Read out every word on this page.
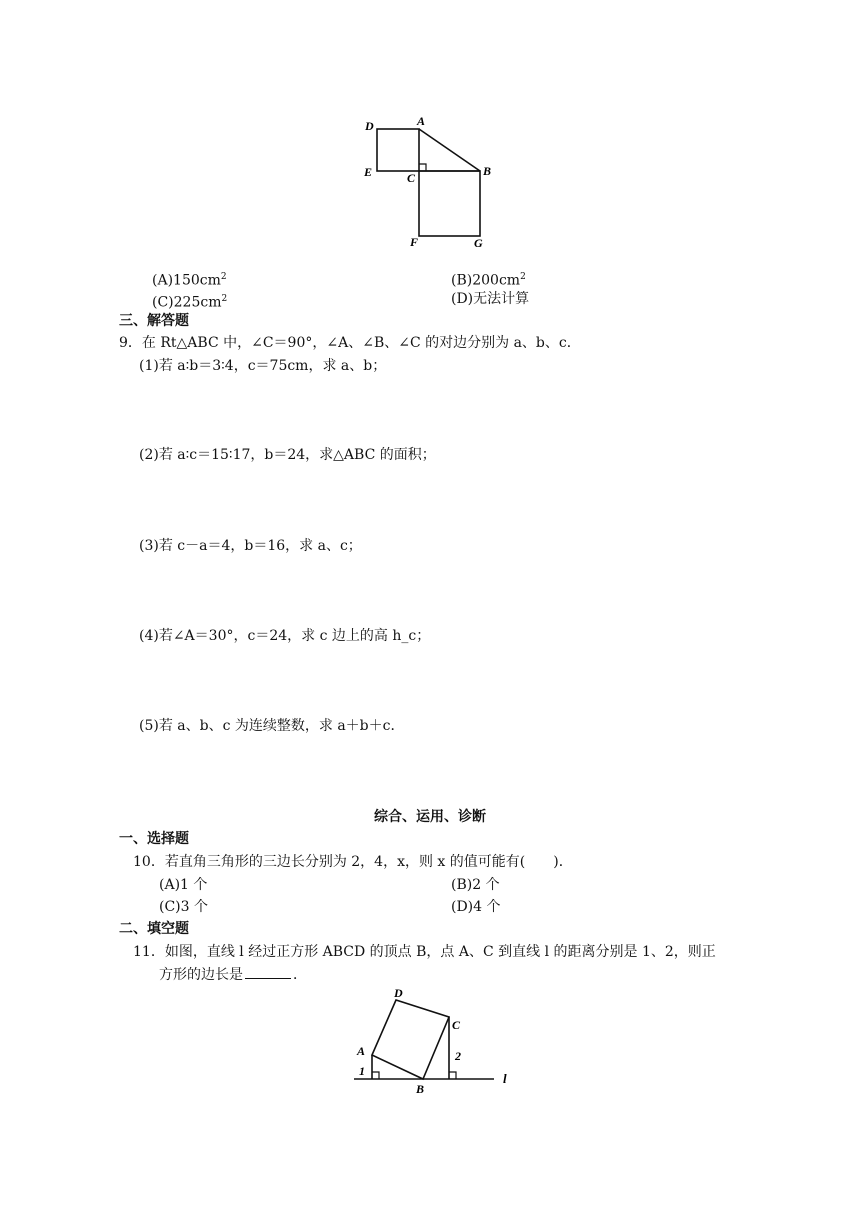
D	A
E	C	B
F	G
$(A)150cm^2$	$(B)200cm^2$
$(C)225cm^2$	(D)无法计算
三、解答题
9．在 Rt△ABC 中，∠C＝90°，∠A、∠B、∠C 的对边分别为 a、b、c．
(1)若 a∶b＝3∶4，c＝75cm，求 a、b；
(2)若 a∶c＝15∶17，b＝24，求△ABC 的面积；
(3)若 c－a＝4，b＝16，求 a、c；
(4)若∠A＝30°，c＝24，求 c 边上的高 h_c；
(5)若 a、b、c 为连续整数，求 a＋b＋c．
综合、运用、诊断
一、选择题
10．若直角三角形的三边长分别为 2，4，x，则 x 的值可能有(　　)．
(A)1 个	(B)2 个
(C)3 个	(D)4 个
二、填空题
11．如图，直线 l 经过正方形 ABCD 的顶点 B，点 A、C 到直线 l 的距离分别是 1、2，则正
方形的边长是	．
D
C
A
1
2
B
l
